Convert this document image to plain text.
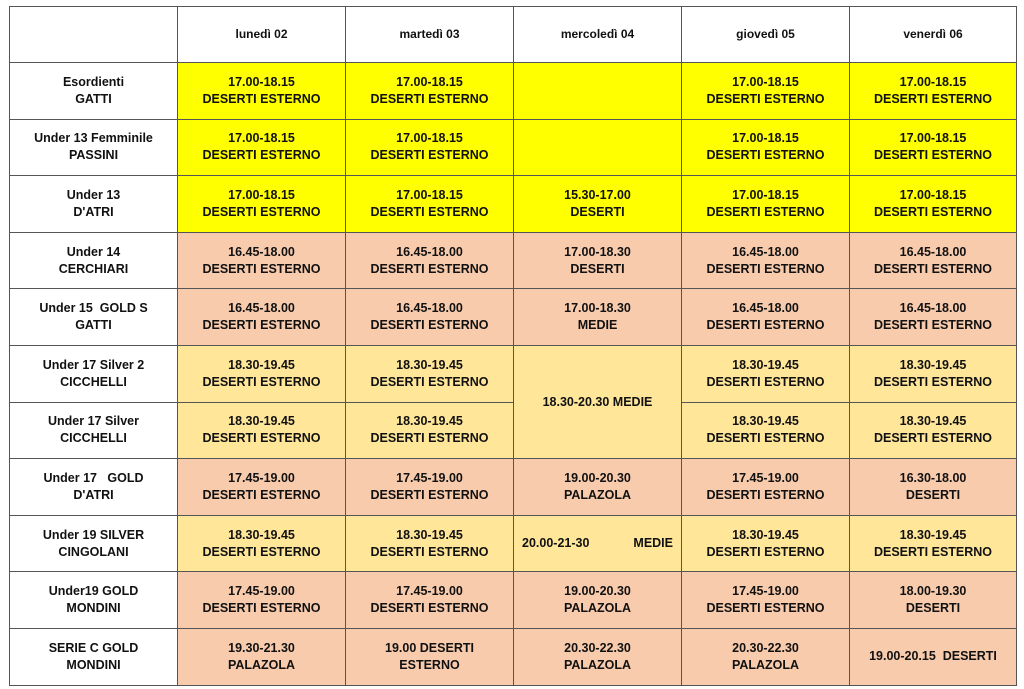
	lunedì 02	martedì 03	mercoledì 04	giovedì 05	venerdì 06

Esordienti
GATTI	17.00-18.15
DESERTI ESTERNO	17.00-18.15
DESERTI ESTERNO		17.00-18.15
DESERTI ESTERNO	17.00-18.15
DESERTI ESTERNO

Under 13 Femminile
PASSINI	17.00-18.15
DESERTI ESTERNO	17.00-18.15
DESERTI ESTERNO		17.00-18.15
DESERTI ESTERNO	17.00-18.15
DESERTI ESTERNO

Under 13
D'ATRI	17.00-18.15
DESERTI ESTERNO	17.00-18.15
DESERTI ESTERNO	15.30-17.00
DESERTI	17.00-18.15
DESERTI ESTERNO	17.00-18.15
DESERTI ESTERNO

Under 14
CERCHIARI	16.45-18.00
DESERTI ESTERNO	16.45-18.00
DESERTI ESTERNO	17.00-18.30
DESERTI	16.45-18.00
DESERTI ESTERNO	16.45-18.00
DESERTI ESTERNO

Under 15  GOLD S
GATTI	16.45-18.00
DESERTI ESTERNO	16.45-18.00
DESERTI ESTERNO	17.00-18.30
MEDIE	16.45-18.00
DESERTI ESTERNO	16.45-18.00
DESERTI ESTERNO

Under 17 Silver 2
CICCHELLI	18.30-19.45
DESERTI ESTERNO	18.30-19.45
DESERTI ESTERNO	18.30-20.30 MEDIE	18.30-19.45
DESERTI ESTERNO	18.30-19.45
DESERTI ESTERNO

Under 17 Silver
CICCHELLI	18.30-19.45
DESERTI ESTERNO	18.30-19.45
DESERTI ESTERNO		18.30-19.45
DESERTI ESTERNO	18.30-19.45
DESERTI ESTERNO

Under 17   GOLD
D'ATRI	17.45-19.00
DESERTI ESTERNO	17.45-19.00
DESERTI ESTERNO	19.00-20.30
PALAZOLA	17.45-19.00
DESERTI ESTERNO	16.30-18.00
DESERTI

Under 19 SILVER
CINGOLANI	18.30-19.45
DESERTI ESTERNO	18.30-19.45
DESERTI ESTERNO	20.00-21-30 MEDIE	18.30-19.45
DESERTI ESTERNO	18.30-19.45
DESERTI ESTERNO

Under19 GOLD
MONDINI	17.45-19.00
DESERTI ESTERNO	17.45-19.00
DESERTI ESTERNO	19.00-20.30
PALAZOLA	17.45-19.00
DESERTI ESTERNO	18.00-19.30
DESERTI

SERIE C GOLD
MONDINI	19.30-21.30
PALAZOLA	19.00 DESERTI
ESTERNO	20.30-22.30
PALAZOLA	20.30-22.30
PALAZOLA	19.00-20.15  DESERTI
